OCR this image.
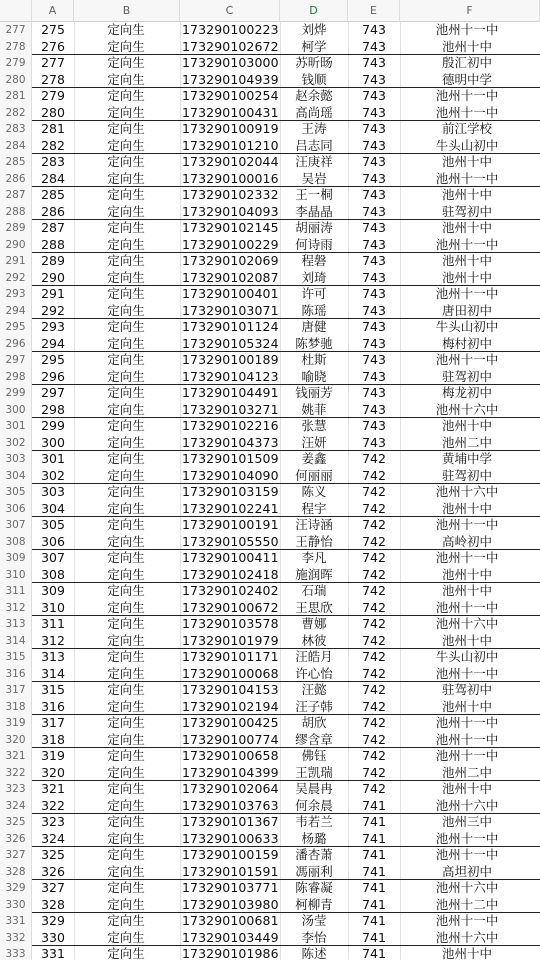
A	B	C	D	E	F
277	275	定向生	173290100223	刘烨	743	池州十一中
278	276	定向生	173290102672	柯学	743	池州十中
279	277	定向生	173290103000	苏昕旸	743	殷汇初中
280	278	定向生	173290104939	钱顺	743	德明中学
281	279	定向生	173290100254	赵余懿	743	池州十一中
282	280	定向生	173290100431	高尚瑶	743	池州十一中
283	281	定向生	173290100919	王涛	743	前江学校
284	282	定向生	173290101210	吕志同	743	牛头山初中
285	283	定向生	173290102044	汪庚祥	743	池州十中
286	284	定向生	173290100016	吴岩	743	池州十一中
287	285	定向生	173290102332	王一桐	743	池州十中
288	286	定向生	173290104093	李晶晶	743	驻驾初中
289	287	定向生	173290102145	胡丽涛	743	池州十中
290	288	定向生	173290100229	何诗雨	743	池州十一中
291	289	定向生	173290102069	程磐	743	池州十中
292	290	定向生	173290102087	刘琦	743	池州十中
293	291	定向生	173290100401	许可	743	池州十一中
294	292	定向生	173290103071	陈瑶	743	唐田初中
295	293	定向生	173290101124	唐健	743	牛头山初中
296	294	定向生	173290105324	陈梦驰	743	梅村初中
297	295	定向生	173290100189	杜斯	743	池州十一中
298	296	定向生	173290104123	喻晓	743	驻驾初中
299	297	定向生	173290104491	钱丽芳	743	梅龙初中
300	298	定向生	173290103271	姚菲	743	池州十六中
301	299	定向生	173290102216	张慧	743	池州十中
302	300	定向生	173290104373	汪妍	743	池州二中
303	301	定向生	173290101509	姜鑫	742	黄埔中学
304	302	定向生	173290104090	何丽丽	742	驻驾初中
305	303	定向生	173290103159	陈义	742	池州十六中
306	304	定向生	173290102241	程宇	742	池州十中
307	305	定向生	173290100191	汪诗涵	742	池州十一中
308	306	定向生	173290105550	王静怡	742	高岭初中
309	307	定向生	173290100411	李凡	742	池州十一中
310	308	定向生	173290102418	施润晖	742	池州十中
311	309	定向生	173290102402	石瑞	742	池州十中
312	310	定向生	173290100672	王思欣	742	池州十一中
313	311	定向生	173290103578	曹娜	742	池州十六中
314	312	定向生	173290101979	林彼	742	池州十中
315	313	定向生	173290101171	汪皓月	742	牛头山初中
316	314	定向生	173290100068	许心怡	742	池州十一中
317	315	定向生	173290104153	汪懿	742	驻驾初中
318	316	定向生	173290102194	汪子韩	742	池州十中
319	317	定向生	173290100425	胡欣	742	池州十一中
320	318	定向生	173290100774	缪含章	742	池州十一中
321	319	定向生	173290100658	佛钰	742	池州十一中
322	320	定向生	173290104399	王凯瑞	742	池州二中
323	321	定向生	173290102064	吴晨冉	742	池州十中
324	322	定向生	173290103763	何余晨	741	池州十六中
325	323	定向生	173290101367	韦若兰	741	池州三中
326	324	定向生	173290100633	杨璐	741	池州十一中
327	325	定向生	173290100159	潘杏萧	741	池州十一中
328	326	定向生	173290101591	馮丽利	741	高坦初中
329	327	定向生	173290103771	陈睿凝	741	池州十六中
330	328	定向生	173290103980	柯柳青	741	池州十二中
331	329	定向生	173290100681	汤莹	741	池州十一中
332	330	定向生	173290103449	李怡	741	池州十六中
333	331	定向生	173290101986	陈述	741	池州十中
